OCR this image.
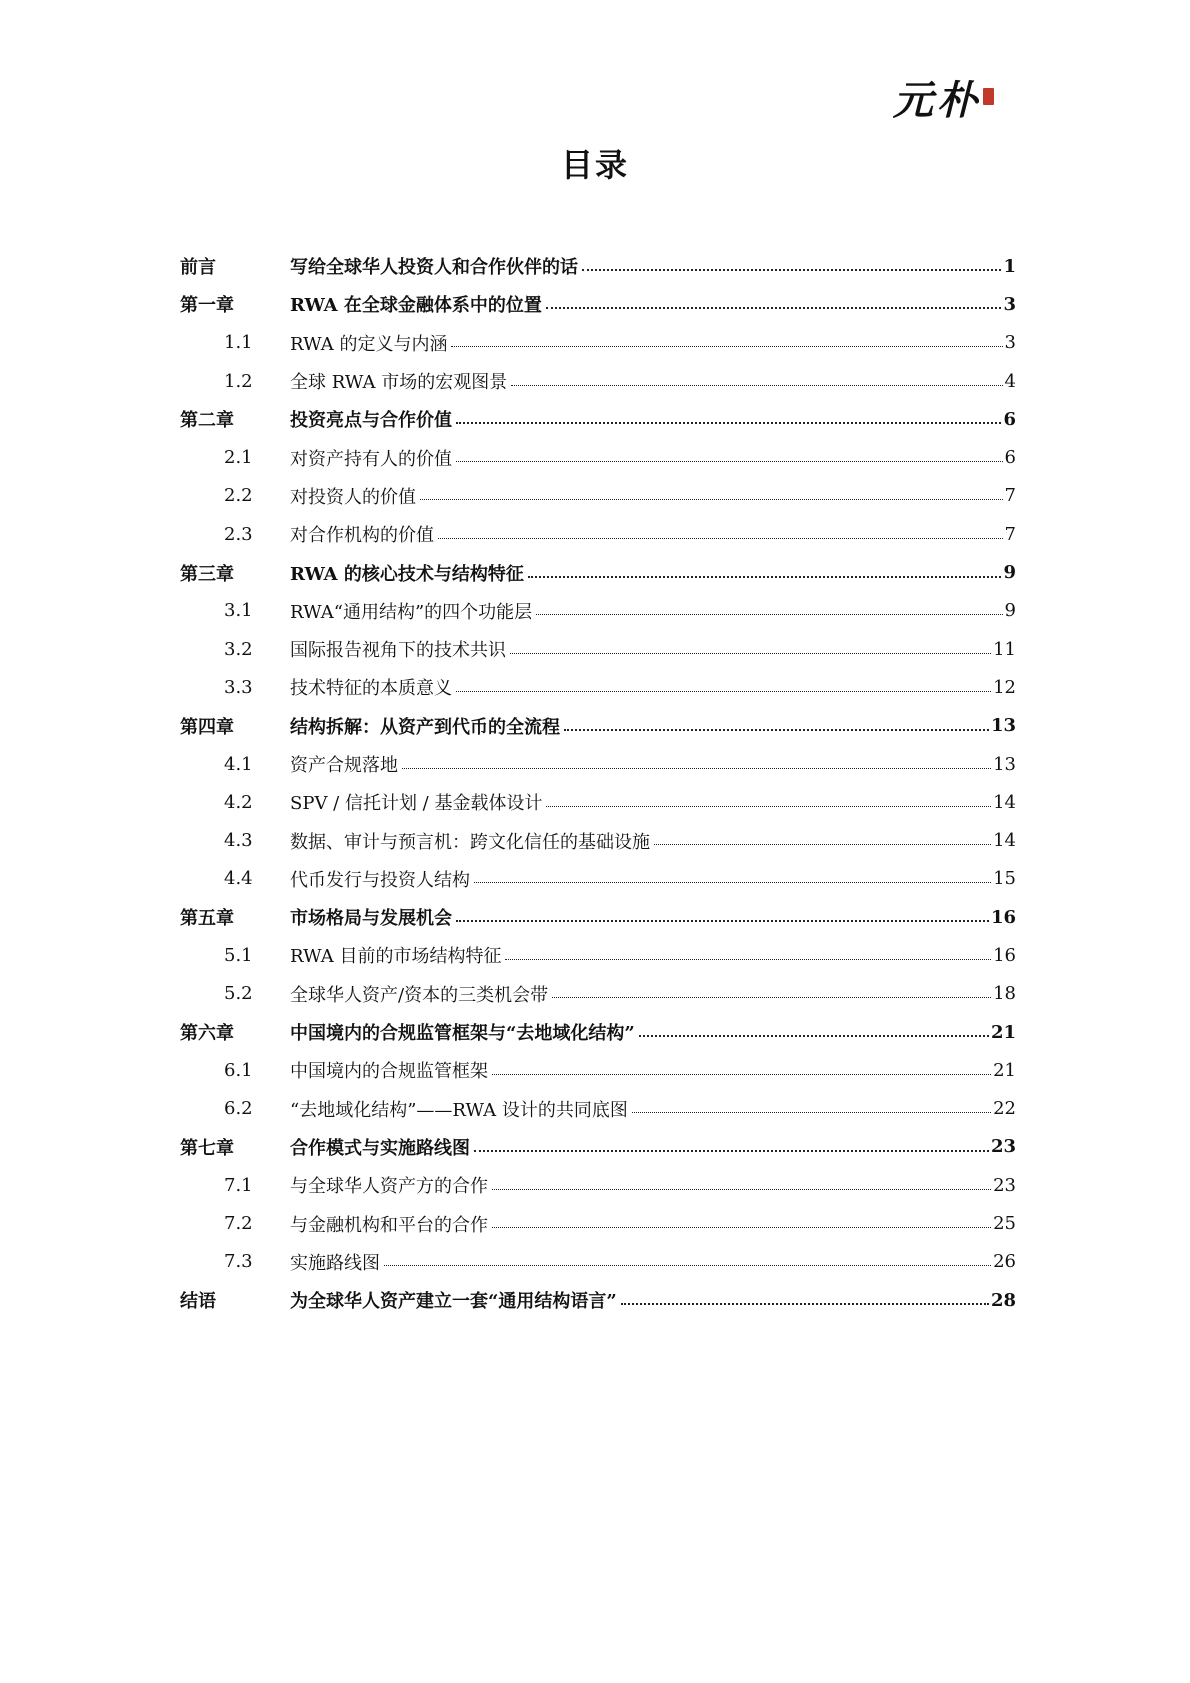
元朴
目录
前言	写给全球华人投资人和合作伙伴的话	1
第一章	RWA 在全球金融体系中的位置	3
1.1	RWA 的定义与内涵	3
1.2	全球 RWA 市场的宏观图景	4
第二章	投资亮点与合作价值	6
2.1	对资产持有人的价值	6
2.2	对投资人的价值	7
2.3	对合作机构的价值	7
第三章	RWA 的核心技术与结构特征	9
3.1	RWA“通用结构”的四个功能层	9
3.2	国际报告视角下的技术共识	11
3.3	技术特征的本质意义	12
第四章	结构拆解：从资产到代币的全流程	13
4.1	资产合规落地	13
4.2	SPV / 信托计划 / 基金载体设计	14
4.3	数据、审计与预言机：跨文化信任的基础设施	14
4.4	代币发行与投资人结构	15
第五章	市场格局与发展机会	16
5.1	RWA 目前的市场结构特征	16
5.2	全球华人资产/资本的三类机会带	18
第六章	中国境内的合规监管框架与“去地域化结构”	21
6.1	中国境内的合规监管框架	21
6.2	“去地域化结构”——RWA 设计的共同底图	22
第七章	合作模式与实施路线图	23
7.1	与全球华人资产方的合作	23
7.2	与金融机构和平台的合作	25
7.3	实施路线图	26
结语	为全球华人资产建立一套“通用结构语言”	28
